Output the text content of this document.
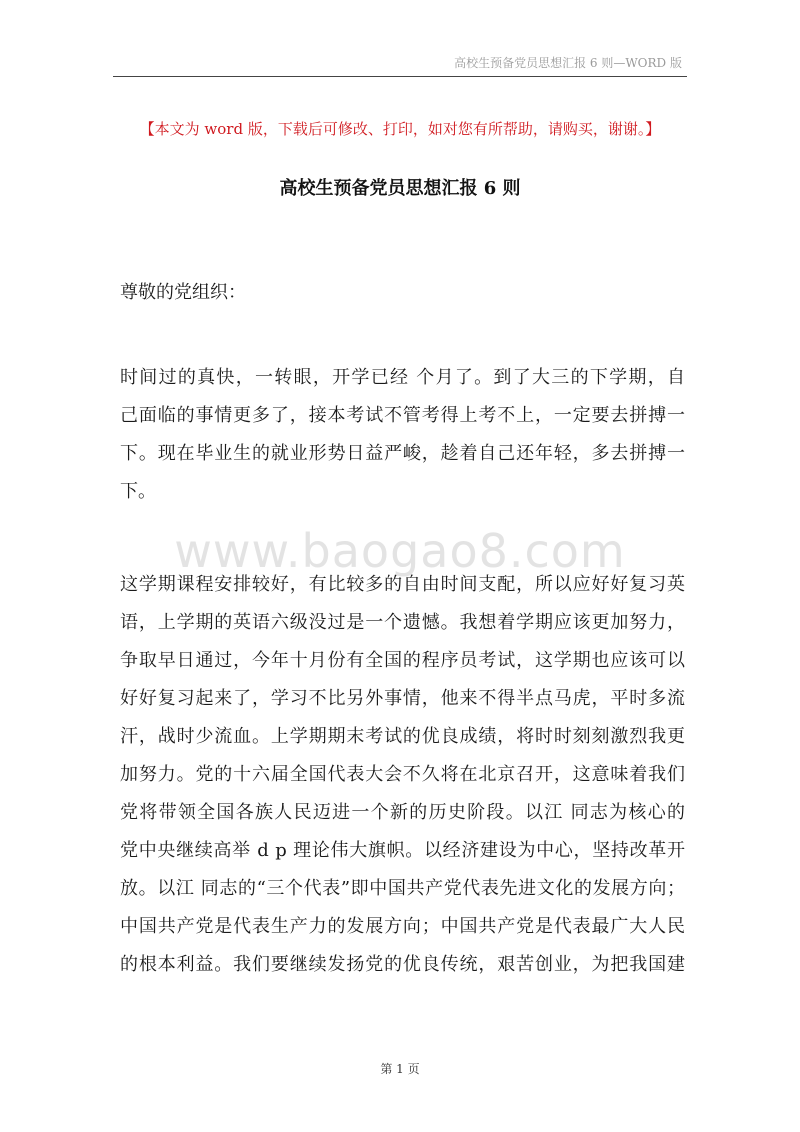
高校生预备党员思想汇报 6 则—WORD 版
【本文为 word 版，下载后可修改、打印，如对您有所帮助，请购买，谢谢。】
高校生预备党员思想汇报 6 则
尊敬的党组织：
时间过的真快，一转眼，开学已经 个月了。到了大三的下学期，自
己面临的事情更多了，接本考试不管考得上考不上，一定要去拼搏一
下。现在毕业生的就业形势日益严峻，趁着自己还年轻，多去拼搏一
下。
www.baogao8.com
这学期课程安排较好，有比较多的自由时间支配，所以应好好复习英
语，上学期的英语六级没过是一个遗憾。我想着学期应该更加努力，
争取早日通过，今年十月份有全国的程序员考试，这学期也应该可以
好好复习起来了，学习不比另外事情，他来不得半点马虎，平时多流
汗，战时少流血。上学期期末考试的优良成绩，将时时刻刻激烈我更
加努力。党的十六届全国代表大会不久将在北京召开，这意味着我们
党将带领全国各族人民迈进一个新的历史阶段。以江 同志为核心的
党中央继续高举 d p 理论伟大旗帜。以经济建设为中心，坚持改革开
放。以江 同志的“三个代表”即中国共产党代表先进文化的发展方向；
中国共产党是代表生产力的发展方向；中国共产党是代表最广大人民
的根本利益。我们要继续发扬党的优良传统，艰苦创业，为把我国建
第 1 页
